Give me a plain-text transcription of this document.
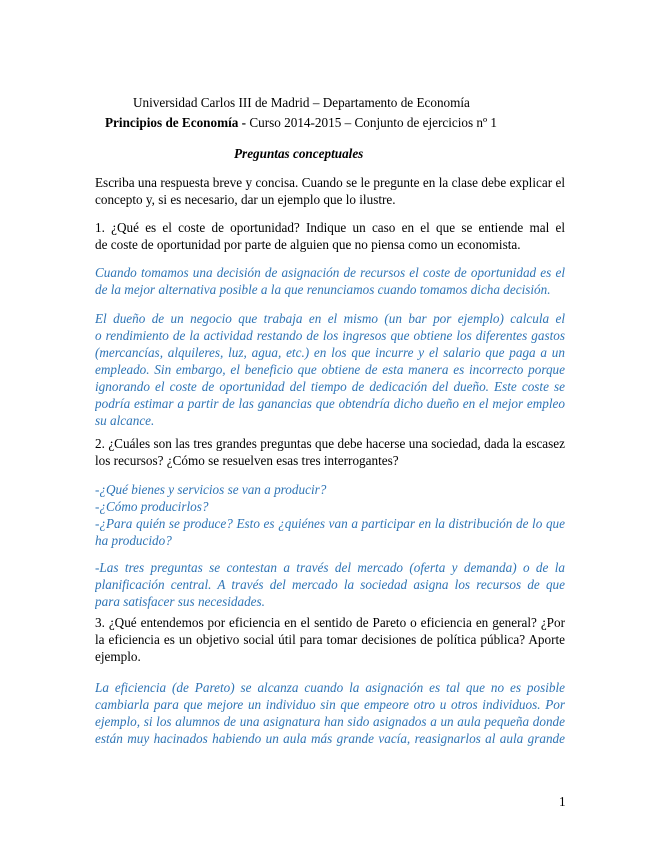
Universidad Carlos III de Madrid – Departamento de Economía
Principios de Economía - Curso 2014-2015 – Conjunto de ejercicios nº 1
Preguntas conceptuales
Escriba una respuesta breve y concisa. Cuando se le pregunte en la clase debe explicar el
concepto y, si es necesario, dar un ejemplo que lo ilustre.
1. ¿Qué es el coste de oportunidad? Indique un caso en el que se entiende mal el
de coste de oportunidad por parte de alguien que no piensa como un economista.
Cuando tomamos una decisión de asignación de recursos el coste de oportunidad es el
de la mejor alternativa posible a la que renunciamos cuando tomamos dicha decisión.
El dueño de un negocio que trabaja en el mismo (un bar por ejemplo) calcula el
o rendimiento de la actividad restando de los ingresos que obtiene los diferentes gastos
(mercancías, alquileres, luz, agua, etc.) en los que incurre y el salario que paga a un
empleado. Sin embargo, el beneficio que obtiene de esta manera es incorrecto porque
ignorando el coste de oportunidad del tiempo de dedicación del dueño. Este coste se
podría estimar a partir de las ganancias que obtendría dicho dueño en el mejor empleo
su alcance.
2. ¿Cuáles son las tres grandes preguntas que debe hacerse una sociedad, dada la escasez
los recursos? ¿Cómo se resuelven esas tres interrogantes?
-¿Qué bienes y servicios se van a producir?
-¿Cómo producirlos?
-¿Para quién se produce? Esto es ¿quiénes van a participar en la distribución de lo que
ha producido?
-Las tres preguntas se contestan a través del mercado (oferta y demanda) o de la
planificación central. A través del mercado la sociedad asigna los recursos de que
para satisfacer sus necesidades.
3. ¿Qué entendemos por eficiencia en el sentido de Pareto o eficiencia en general? ¿Por
la eficiencia es un objetivo social útil para tomar decisiones de política pública? Aporte
ejemplo.
La eficiencia (de Pareto) se alcanza cuando la asignación es tal que no es posible
cambiarla para que mejore un individuo sin que empeore otro u otros individuos. Por
ejemplo, si los alumnos de una asignatura han sido asignados a un aula pequeña donde
están muy hacinados habiendo un aula más grande vacía, reasignarlos al aula grande
1
